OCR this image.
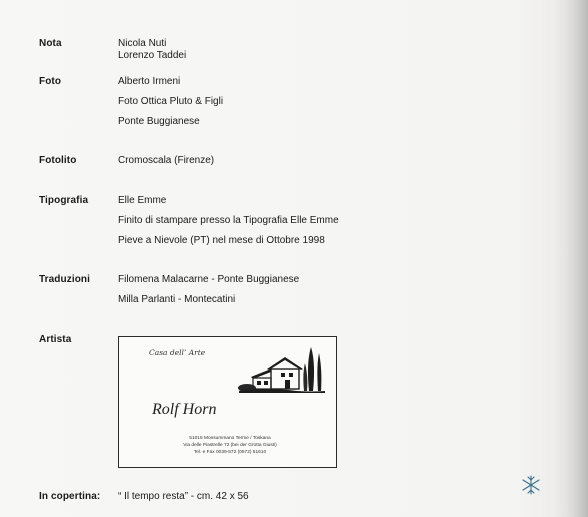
Nota	Nicola Nuti
Lorenzo Taddei
Foto	Alberto Irmeni
Foto Ottica Pluto & Figli
Ponte Buggianese
Fotolito	Cromoscala (Firenze)
Tipografia	Elle Emme
Finito di stampare presso la Tipografia Elle Emme
Pieve a Nievole (PT) nel mese di Ottobre 1998
Traduzioni	Filomena Malacarne - Ponte Buggianese
Milla Parlanti - Montecatini
Artista
Casa dell’ Arte
Rolf Horn
51015 Monsummano Terme / Toskana
Via delle Piastrelle 72 (bei der Grotta Giusti)
Tel. e Fax 0039-572 (0572) 51610
In copertina: “ Il tempo resta” - cm. 42 x 56
